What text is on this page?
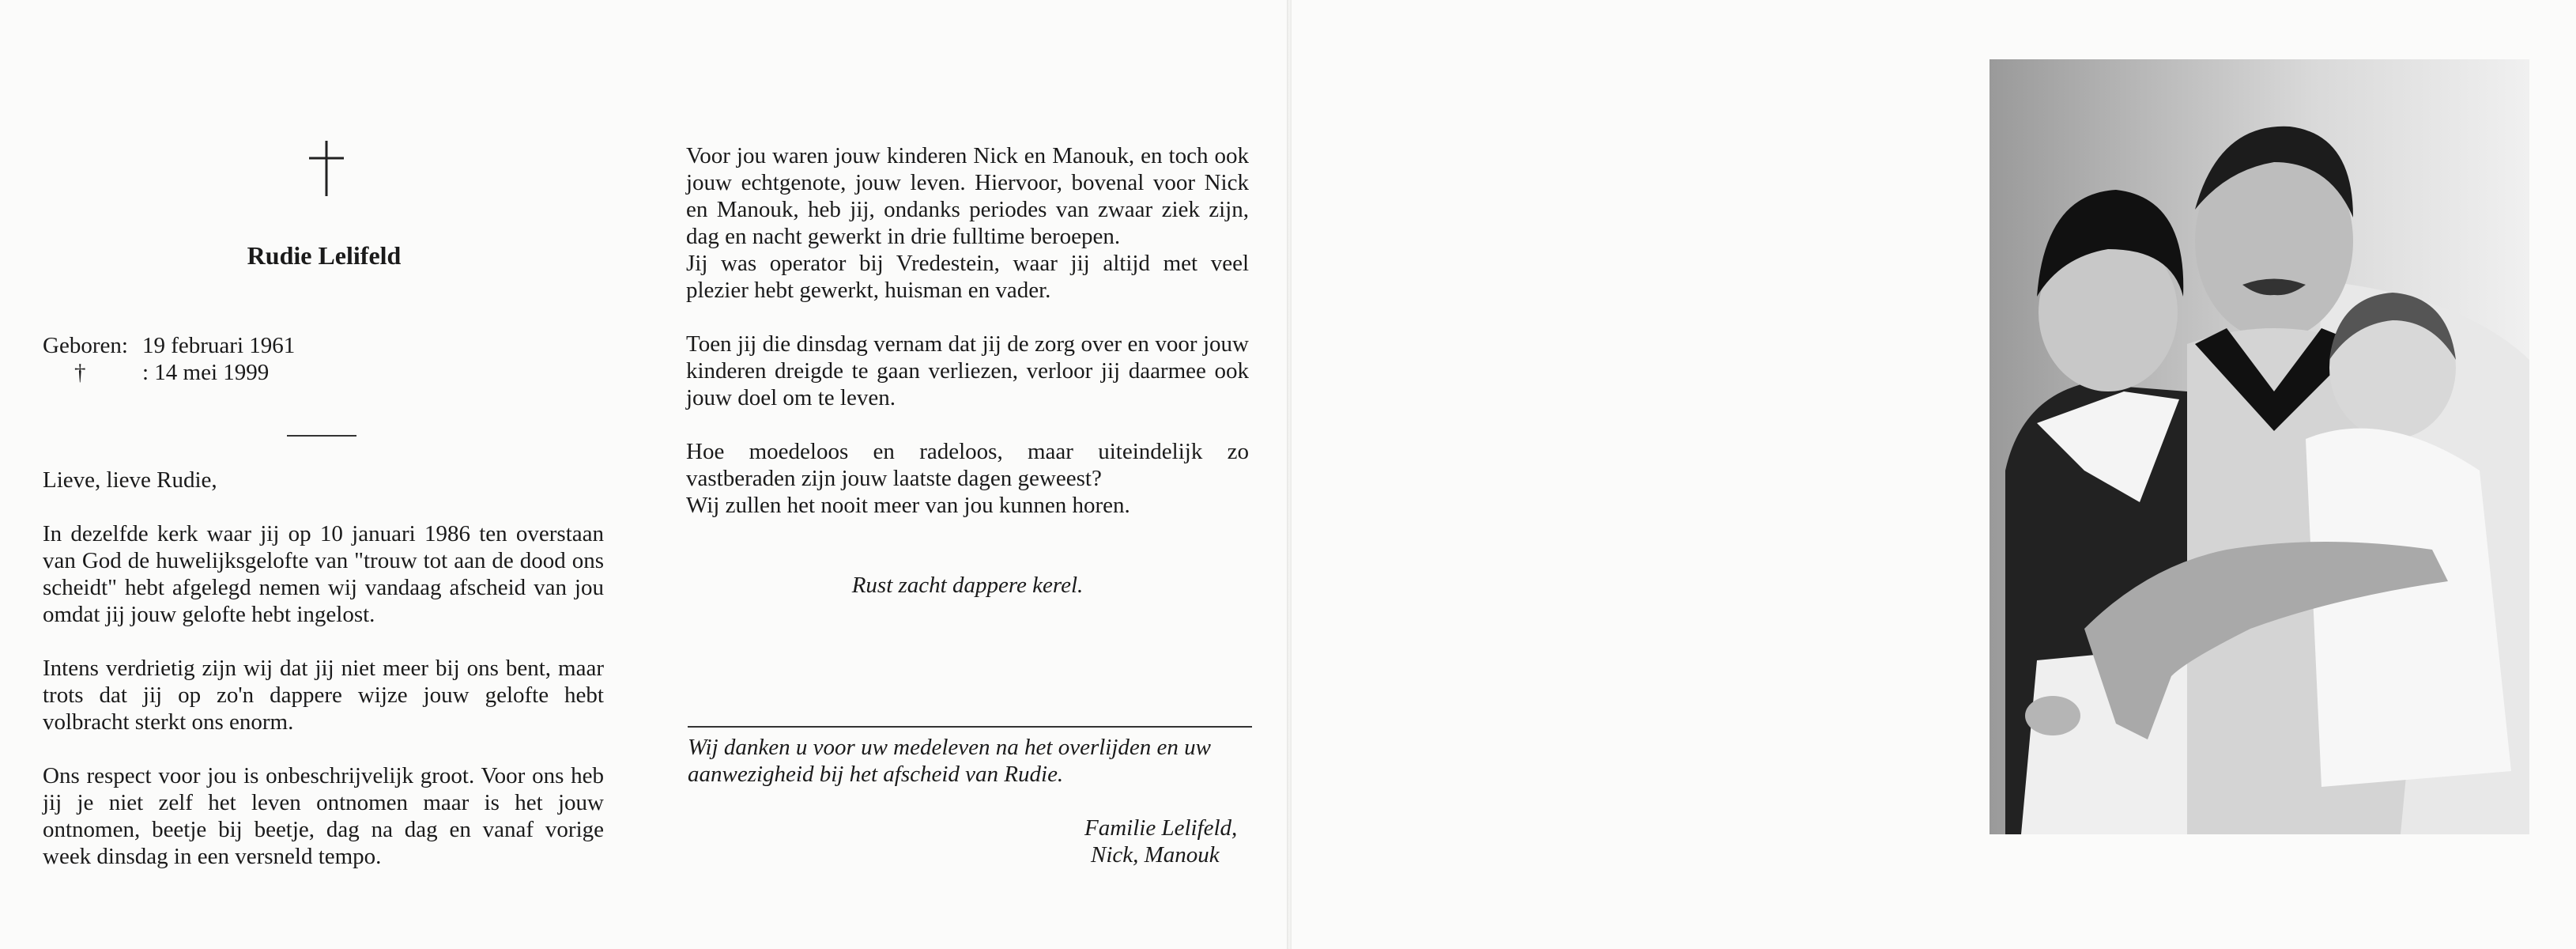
Rudie Lelifeld
Geboren: 19 februari 1961
†	: 14 mei 1999

Lieve, lieve Rudie,

In dezelfde kerk waar jij op 10 januari 1986 ten overstaan van God de huwelijksgelofte van "trouw tot aan de dood ons scheidt" hebt afgelegd nemen wij vandaag afscheid van jou omdat jij jouw gelofte hebt ingelost.

Intens verdrietig zijn wij dat jij niet meer bij ons bent, maar trots dat jij op zo'n dappere wijze jouw gelofte hebt volbracht sterkt ons enorm.

Ons respect voor jou is onbeschrijvelijk groot. Voor ons heb jij je niet zelf het leven ontnomen maar is het jouw ontnomen, beetje bij beetje, dag na dag en vanaf vorige week dinsdag in een versneld tempo.

Voor jou waren jouw kinderen Nick en Manouk, en toch ook jouw echtgenote, jouw leven. Hiervoor, bovenal voor Nick en Manouk, heb jij, ondanks periodes van zwaar ziek zijn, dag en nacht gewerkt in drie fulltime beroepen.

Jij was operator bij Vredestein, waar jij altijd met veel plezier hebt gewerkt, huisman en vader.

Toen jij die dinsdag vernam dat jij de zorg over en voor jouw kinderen dreigde te gaan verliezen, verloor jij daarmee ook jouw doel om te leven.

Hoe moedeloos en radeloos, maar uiteindelijk zo vastberaden zijn jouw laatste dagen geweest?

Wij zullen het nooit meer van jou kunnen horen.

Rust zacht dappere kerel.
Wij danken u voor uw medeleven na het overlijden en uw aanwezigheid bij het afscheid van Rudie.
Familie Lelifeld,
Nick, Manouk
